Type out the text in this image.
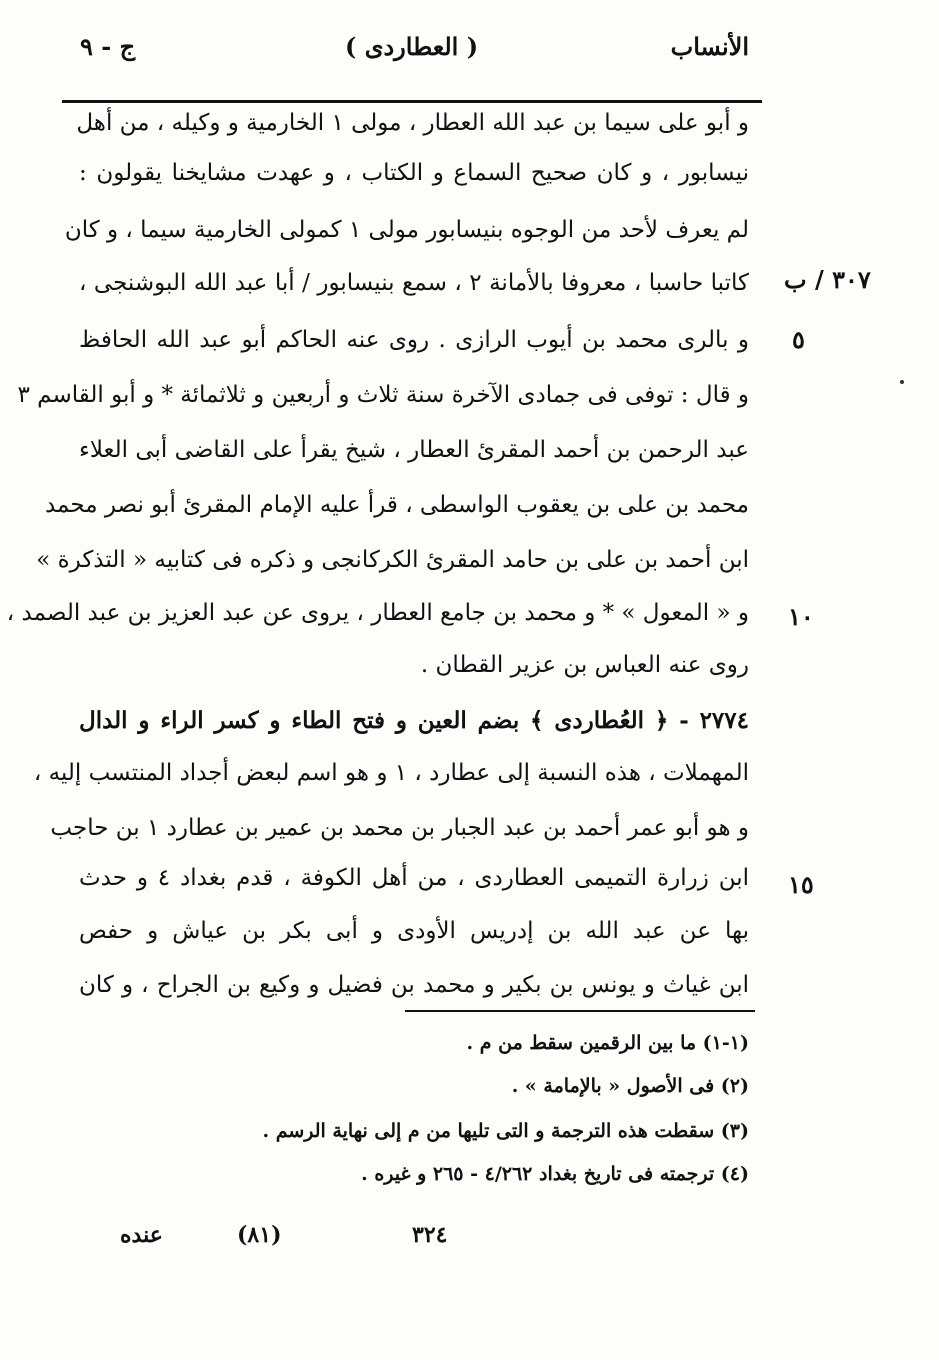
الأنساب
( العطاردى )
ج - ٩
و أبو على سيما بن عبد الله العطار ، مولى ١ الخارمية و وكيله ، من أهل
نيسابور ، و كان صحيح السماع و الكتاب ، و عهدت مشايخنا يقولون :
لم يعرف لأحد من الوجوه بنيسابور مولى ١ كمولى الخارمية سيما ، و كان
كاتبا حاسبا ، معروفا بالأمانة ٢ ، سمع بنيسابور / أبا عبد الله البوشنجى ،
و بالرى محمد بن أيوب الرازى . روى عنه الحاكم أبو عبد الله الحافظ
و قال : توفى فى جمادى الآخرة سنة ثلاث و أربعين و ثلاثمائة * و أبو القاسم ٣
عبد الرحمن بن أحمد المقرئ العطار ، شيخ يقرأ على القاضى أبى العلاء
محمد بن على بن يعقوب الواسطى ، قرأ عليه الإمام المقرئ أبو نصر محمد
ابن أحمد بن على بن حامد المقرئ الكركانجى و ذكره فى كتابيه « التذكرة »
و « المعول » * و محمد بن جامع العطار ، يروى عن عبد العزيز بن عبد الصمد ،
روى عنه العباس بن عزير القطان .
٢٧٧٤ - ﴿ العُطاردى ﴾ بضم العين و فتح الطاء و كسر الراء و الدال
المهملات ، هذه النسبة إلى عطارد ، ١ و هو اسم لبعض أجداد المنتسب إليه ،
و هو أبو عمر أحمد بن عبد الجبار بن محمد بن عمير بن عطارد ١ بن حاجب
ابن زرارة التميمى العطاردى ، من أهل الكوفة ، قدم بغداد ٤ و حدث
بها عن عبد الله بن إدريس الأودى و أبى بكر بن عياش و حفص
ابن غياث و يونس بن بكير و محمد بن فضيل و وكيع بن الجراح ، و كان
٣٠٧ / ب
٥
١٠
١٥
(١-١) ما بين الرقمين سقط من م .
(٢) فى الأصول « بالإمامة » .
(٣) سقطت هذه الترجمة و التى تليها من م إلى نهاية الرسم .
(٤) ترجمته فى تاريخ بغداد ٤/٢٦٢ - ٢٦٥ و غيره .
عنده	(٨١)	٣٢٤
